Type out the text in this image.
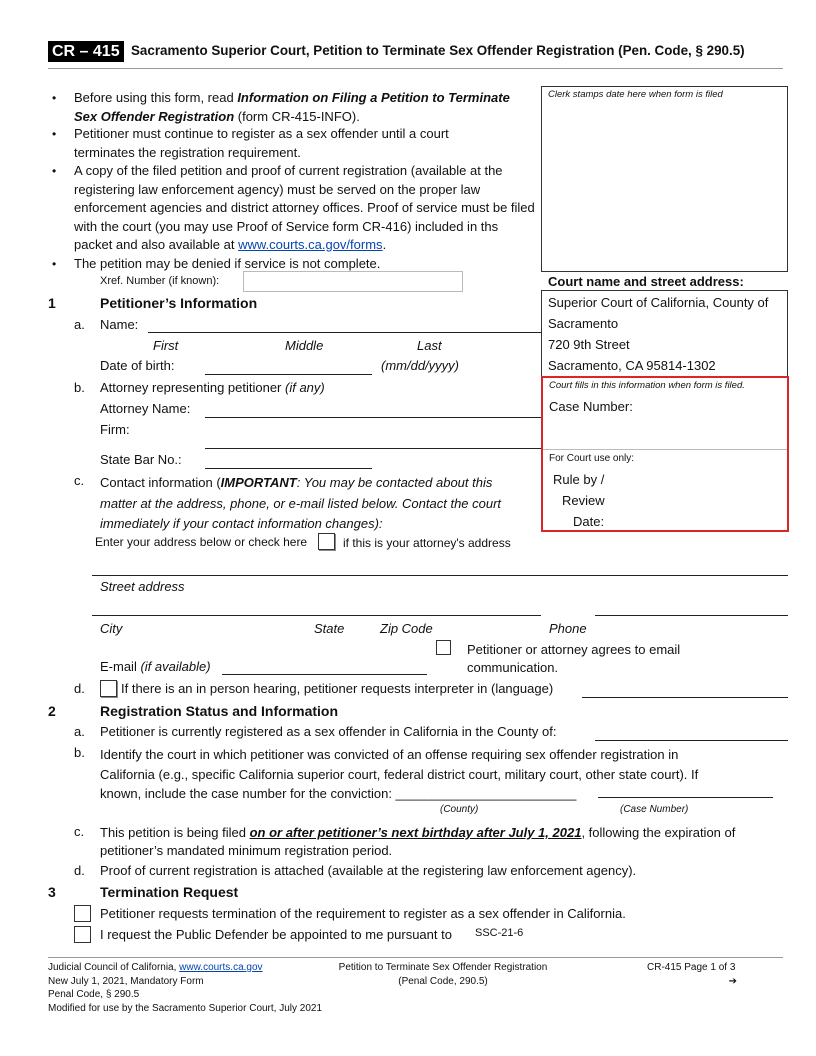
CR – 415 Sacramento Superior Court, Petition to Terminate Sex Offender Registration (Pen. Code, § 290.5)
• Before using this form, read Information on Filing a Petition to Terminate Sex Offender Registration (form CR-415-INFO).
• Petitioner must continue to register as a sex offender until a court terminates the registration requirement.
• A copy of the filed petition and proof of current registration (available at the registering law enforcement agency) must be served on the proper law enforcement agencies and district attorney offices. Proof of service must be filed with the court (you may use Proof of Service form CR-416) included in ths packet and also available at www.courts.ca.gov/forms.
• The petition may be denied if service is not complete.
Clerk stamps date here when form is filed
Court name and street address:
Superior Court of California, County of
Sacramento
720 9th Street
Sacramento, CA 95814-1302
Court fills in this information when form is filed.
Case Number:
For Court use only:
Rule by /
Review
Date:
Xref. Number (if known):
1	Petitioner’s Information
a. Name:
First	Middle	Last
Date of birth:	(mm/dd/yyyy)
b. Attorney representing petitioner (if any)
Attorney Name:
Firm:
State Bar No.:
c. Contact information (IMPORTANT: You may be contacted about this
matter at the address, phone, or e-mail listed below. Contact the court
immediately if your contact information changes):
Enter your address below or check here	if this is your attorney's address
Street address
City	State	Zip Code	Phone
Petitioner or attorney agrees to email
communication.
E-mail (if available)
d.	If there is an in person hearing, petitioner requests interpreter in (language)
2	Registration Status and Information
a. Petitioner is currently registered as a sex offender in California in the County of:
b. Identify the court in which petitioner was convicted of an offense requiring sex offender registration in
California (e.g., specific California superior court, federal district court, military court, other state court). If
known, include the case number for the conviction: _________________________
(County)	(Case Number)
c. This petition is being filed on or after petitioner’s next birthday after July 1, 2021, following the expiration of
petitioner’s mandated minimum registration period.
d. Proof of current registration is attached (available at the registering law enforcement agency).
3	Termination Request
Petitioner requests termination of the requirement to register as a sex offender in California.
I request the Public Defender be appointed to me pursuant to SSC-21-6
Judicial Council of California, www.courts.ca.gov
New July 1, 2021, Mandatory Form
Penal Code, § 290.5
Modified for use by the Sacramento Superior Court, July 2021
Petition to Terminate Sex Offender Registration
(Penal Code, 290.5)
CR-415 Page 1 of 3
➔
